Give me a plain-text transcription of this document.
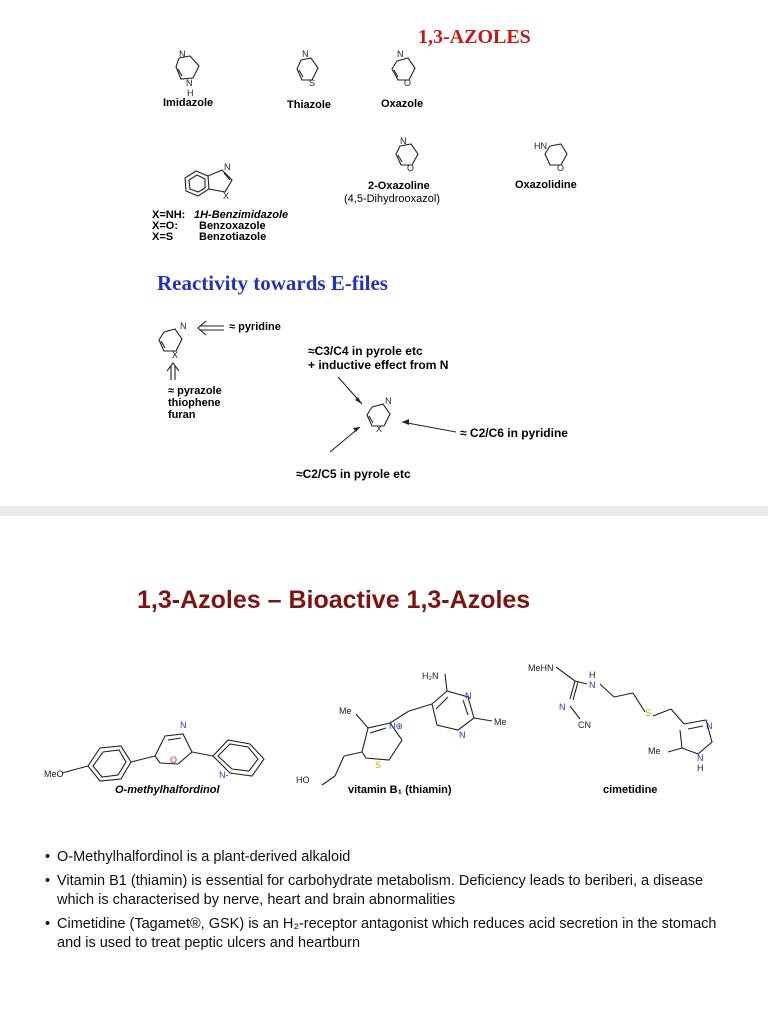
N
N
H
N
S
N
O
N
O
HN
O
N
X
N
X
N
X

1,3-AZOLES

Imidazole	Thiazole	Oxazole

2-Oxazoline

(4,5-Dihydrooxazol)

Oxazolidine

X=NH: 1H-Benzimidazole

X=O: Benzoxazole

X=S Benzotiazole

Reactivity towards E-files

≈ pyridine

≈C3/C4 in pyrole etc

+ inductive effect from N

≈ pyrazole

thiophene

furan

≈ C2/C6 in pyridine

≈C2/C5 in pyrole etc

1,3-Azoles – Bioactive 1,3-Azoles

MeO
N
O
N-	HO
Me
N⊕
S
H₂N
N
N
Me
MeHN
H
N
N
CN
S
N
Me
N
H

O-methylhalfordinol	vitamin B₁ (thiamin)	cimetidine

• O-Methylhalfordinol is a plant-derived alkaloid
• Vitamin B1 (thiamin) is essential for carbohydrate metabolism. Deficiency leads to beriberi, a disease which is characterised by nerve, heart and brain abnormalities
• Cimetidine (Tagamet®, GSK) is an H₂-receptor antagonist which reduces acid secretion in the stomach and is used to treat peptic ulcers and heartburn
